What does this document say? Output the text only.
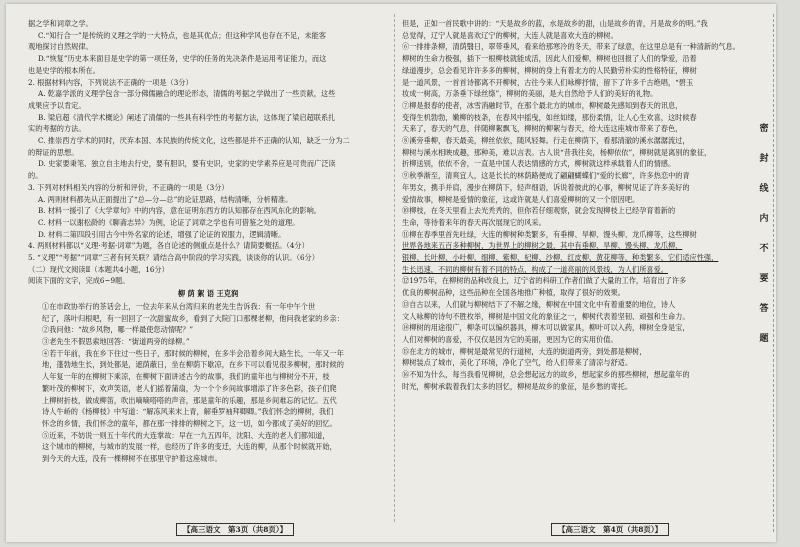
据之学和词章之学。
C.“知行合一”是传统的义理之学的一大特点，也是其优点；但这种学风也存在不足，未能客
观地探讨自然规律。
D.“恢复”历史本来面目是史学的第一项任务，史学的任务的先决条件是运用考证能力，而这
也是史学的根本所在。
2. 根据材料内容，下列说法不正确的一项是（3分）
A. 乾嘉学派的义理学包含一部分佛儒融合的理论形态，清儒的考据之学做出了一些贡献，这些
成果应予以肯定。
B. 梁启超《清代学术概论》阐述了清儒的一些具有科学性的考据方法，这体现了梁启超联系扎
实的考据的方法。
C. 推崇西方学术的同时，厌弃本国、本民族的传统文化，这些都是并不正确的认知，缺乏一分为二
的辩证的思想。
D. 史家要秉笔、独立自主地去行史，要有胆识，要有史识，史家的史学素养应是可贵而广泛读
的。
3. 下列对材料相关内容的分析和评价，不正确的一项是（3分）
A. 两则材料都先从正面提出了“总—分—总”的论证思路，结构清晰，分析精准。
B. 材料一援引了《大学章句》中的内容，意在证明东西方的认知都存在西风东化的影响。
C. 材料一以谢松龄的《聊斋志异》为例，论证了词章之学也有可借鉴之处的道理。
D. 材料二第四段引用古今中外名家的论述，增强了论证的说服力，逻辑清晰。
4. 两则材料都以“义理·考据·词章”为题，各自论述的侧重点是什么？请简要概括。（4分）
5. “义理”“考据”“词章”三者有何关联？请结合高中阶段的学习实践，谈谈你的认识。（6分）
（二）现代文阅读Ⅱ（本题共4小题，16分）
阅读下面的文字，完成6~9题。
柳 荫 絮 语 王克润
①在市政协举行的茶话会上，一位去年来从台湾归来的老先生告诉我：有一年中午个世
纪了，落叶归根吧，有一回回了一次甜蜜故乡，看到了大院门口那棵老柳，他问我老家的乡亲：
②我问他：“故乡风物，哪一样最使您动情呢？”
③老先生不假思索地回答：“街道两旁的绿柳。”
④若干年前，我在乡下住过一些日子，那时候的柳树，在多半会沿着乡间大路生长，一年又一年
地，蓬勃地生长，到处都是，遮荫蔽日，坐在柳荫下歇凉，在乡下可以看见很多柳树，那时候的
人年复一年的在柳树下乘凉，在柳树下面讲述古今的故事，我们的童年也与柳树分不开，枝
繁叶茂的柳树下，欢声笑语，老人们摇着蒲扇，为一个个乡间故事增添了许多色彩，孩子们爬
上柳树折枝，做成柳笛，吹出嘀嘀嗒嗒的声音，那是童年的乐趣，那是乡间难忘的记忆。五代
诗人牛峤的《杨柳枝》中写道：“解冻风来末上青，解垂罗袖拜卿卿。”我们怀念的柳树，我们
怀念的乡情，我们怀念的童年，都在那一排排的柳树之下，这一切，如今都成了美好的回忆。
⑤近来，不妨说一则五十年代的大连掌故：早在一九五四年，沈阳、大连的老人们都知道，
这个城市的柳树，与城市的发展一样，也经历了许多的变迁，大连的柳，从那个时候就开始，
到今天的大连，没有一棵柳树不在那里守护着这座城市。
但是，正如一首民歌中讲的：“天是故乡的蓝，水是故乡的甜，山是故乡的青，月是故乡的明。”我
总觉得，辽宁人就是喜欢辽宁的柳树，大连人就是喜欢大连的柳树。
⑥一排排条柳，清荫翳日，翠带垂风，看来给那寒冷的冬天，带来了绿意，在这里总是有一种清新的气息。
柳树的生命力极强，插下一根柳枝就能成活，因此人们爱柳，柳树也回报了人们的挚爱，沿着
绿道漫步，总会看见许许多多的柳树，柳树的身上有着北方的人民勤劳朴实的性格特征，柳树
是一道风景，一首首诗都离不开柳树，古往今来人们咏柳抒情，留下了许多千古绝唱，“碧玉
妆成一树高，万条垂下绿丝绦”，柳树的美丽，是大自然给予人们的美好的礼物。
⑦柳是报春的使者，冰雪消融时节，在那个最北方的城市，柳树最先感知到春天的讯息，
变得生机勃勃，嫩柳的枝条，在春风中摇曳，如丝如缕，那份柔情，让人心生欢喜，这时候春
天来了，春天的气息，伴随柳絮飘飞，柳树的柳絮与春天，给大连这座城市带来了春色，
⑧溪旁垂柳，春天最美，柳丝依依，随风轻舞。行走在柳荫下，看那清澈的溪水潺潺流过，
柳树与溪水相映成趣，那种美，难以言表。古人说“昔我往矣，杨柳依依”，柳树就是离别的象征，
折柳送别，依依不舍，一直是中国人表达情感的方式，柳树就这样承载着人们的情感。
⑨秋季渐至，清爽宜人，这是长长的林荫路便成了翩翩蝴蝶们“爱的长廊”，许多热恋中的青
年男女，携手并肩，漫步在柳荫下，轻声细语，诉说着彼此的心事，柳树见证了许多美好的
爱情故事，柳树是爱情的象征，这或许就是人们喜爱柳树的又一个原因吧。
⑩柳枝，在冬天里看上去光秃秃的，但你若仔细观察，就会发现柳枝上已经孕育着新的
生命，等待着来年的春天再次展现它的风采。
⑪柳在春季里首先吐绿，大连的柳树种类繁多，有垂柳、旱柳、馒头柳、龙爪柳等，这些柳树
世界各地来五百多种柳树，为世界上的柳树之最，其中有垂柳、旱柳、馒头柳、龙爪柳、
银柳、长叶柳、小叶柳、细柳、紫柳、杞柳、沙柳、红皮柳、黄花柳等，种类繁多，它们适应性强，
生长迅速，不同的柳树有着不同的特点，构成了一道亮丽的风景线，为人们所喜爱。
⑫1975年，在柳树的品种改良上，辽宁省的科研工作者们做了大量的工作，培育出了许多
优良的柳树品种，这些品种在全国各地推广种植，取得了很好的效果。
⑬自古以来，人们就与柳树结下了不解之缘，柳树在中国文化中有着重要的地位，诗人
文人咏柳的诗句不胜枚举，柳树是中国文化的象征之一，柳树代表着坚韧、顽强和生命力。
⑭柳树的用途很广，柳条可以编织器具，柳木可以做家具，柳叶可以入药，柳树全身是宝，
人们对柳树的喜爱，不仅仅是因为它的美丽，更因为它的实用价值。
⑮在北方的城市，柳树是最常见的行道树，大连的街道两旁，到处都是柳树，
柳树装点了城市，美化了环境，净化了空气，给人们带来了清凉与舒适。
⑯不知为什么，每当我看见柳树，总会想起远方的故乡，想起家乡的那些柳树，想起童年的
时光，柳树承载着我们太多的回忆，柳树是故乡的象征，是乡愁的寄托。
【高三语文　第3页（共8页）】	【高三语文　第4页（共8页）】
密
封
线
内
不
要
答
题
